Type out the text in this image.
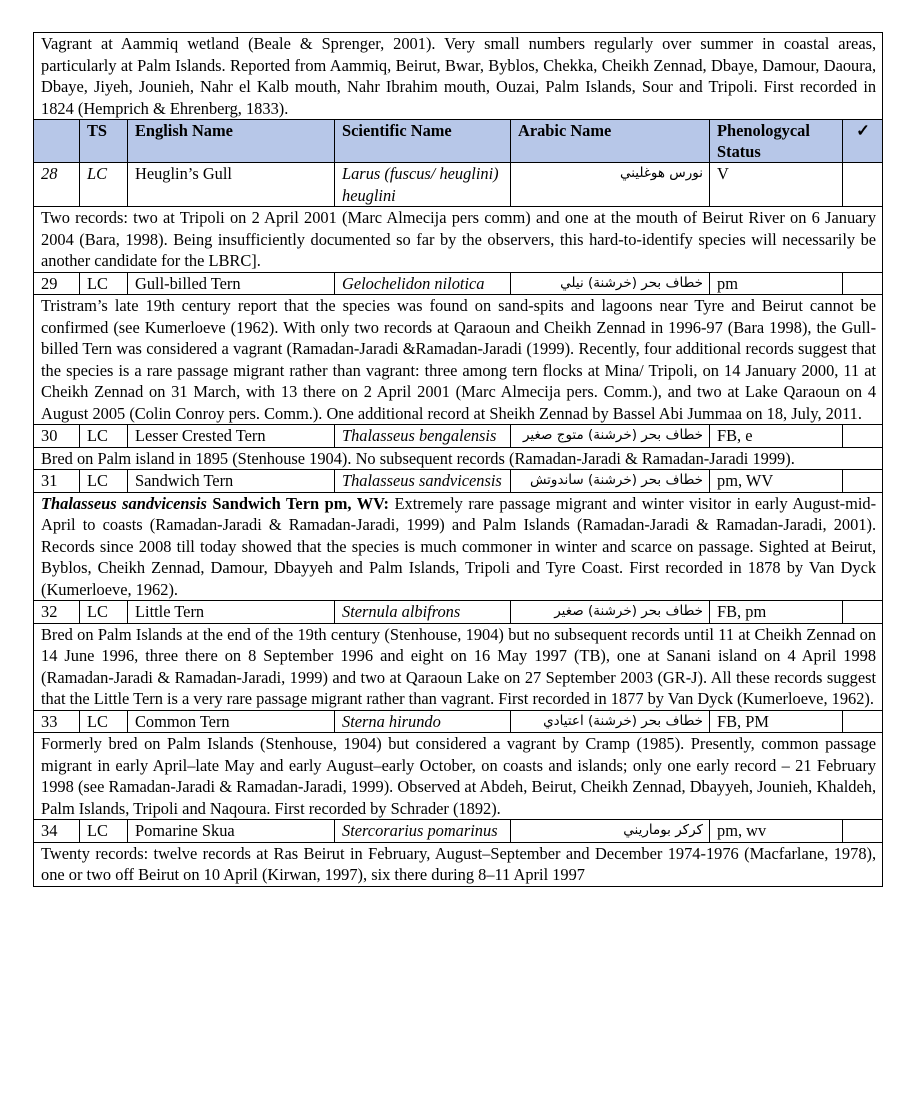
Vagrant at Aammiq wetland (Beale & Sprenger, 2001). Very small numbers regularly over summer in coastal areas, particularly at Palm Islands. Reported from Aammiq, Beirut, Bwar, Byblos, Chekka, Cheikh Zennad, Dbaye, Damour, Daoura, Dbaye, Jiyeh, Jounieh, Nahr el Kalb mouth, Nahr Ibrahim mouth, Ouzai, Palm Islands, Sour and Tripoli. First recorded in 1824 (Hemprich & Ehrenberg, 1833).						
	TS	English Name	Scientific Name	Arabic Name	Phenologycal Status	✓
28	LC	Heuglin’s Gull	Larus (fuscus/ heuglini) heuglini	نورس هوغليني	V	
Two records: two at Tripoli on 2 April 2001 (Marc Almecija pers comm) and one at the mouth of Beirut River on 6 January 2004 (Bara, 1998). Being insufficiently documented so far by the observers, this hard-to-identify species will necessarily be another candidate for the LBRC].						
29	LC	Gull-billed Tern	Gelochelidon nilotica	خطاف بحر (خرشنة) نيلي	pm	
Tristram’s late 19th century report that the species was found on sand-spits and lagoons near Tyre and Beirut cannot be confirmed (see Kumerloeve (1962). With only two records at Qaraoun and Cheikh Zennad in 1996-97 (Bara 1998), the Gull-billed Tern was considered a vagrant (Ramadan-Jaradi &Ramadan-Jaradi (1999). Recently, four additional records suggest that the species is a rare passage migrant rather than vagrant: three among tern flocks at Mina/ Tripoli, on 14 January 2000, 11 at Cheikh Zennad on 31 March, with 13 there on 2 April 2001 (Marc Almecija pers. Comm.), and two at Lake Qaraoun on 4 August 2005 (Colin Conroy pers. Comm.). One additional record at Sheikh Zennad by Bassel Abi Jummaa on 18, July, 2011.						
30	LC	Lesser Crested Tern	Thalasseus bengalensis	خطاف بحر (خرشنة) متوج صغير	FB, e	
Bred on Palm island in 1895 (Stenhouse 1904). No subsequent records (Ramadan-Jaradi & Ramadan-Jaradi 1999).						
31	LC	Sandwich Tern	Thalasseus sandvicensis	خطاف بحر (خرشنة) ساندوتش	pm, WV	
Thalasseus sandvicensis Sandwich Tern pm, WV: Extremely rare passage migrant and winter visitor in early August-mid-April to coasts (Ramadan-Jaradi & Ramadan-Jaradi, 1999) and Palm Islands (Ramadan-Jaradi & Ramadan-Jaradi, 2001). Records since 2008 till today showed that the species is much commoner in winter and scarce on passage. Sighted at Beirut, Byblos, Cheikh Zennad, Damour, Dbayyeh and Palm Islands, Tripoli and Tyre Coast. First recorded in 1878 by Van Dyck (Kumerloeve, 1962).						
32	LC	Little Tern	Sternula albifrons	خطاف بحر (خرشنة) صغير	FB, pm	
Bred on Palm Islands at the end of the 19th century (Stenhouse, 1904) but no subsequent records until 11 at Cheikh Zennad on 14 June 1996, three there on 8 September 1996 and eight on 16 May 1997 (TB), one at Sanani island on 4 April 1998 (Ramadan-Jaradi & Ramadan-Jaradi, 1999) and two at Qaraoun Lake on 27 September 2003 (GR-J). All these records suggest that the Little Tern is a very rare passage migrant rather than vagrant. First recorded in 1877 by Van Dyck (Kumerloeve, 1962).						
33	LC	Common Tern	Sterna hirundo	خطاف بحر (خرشنة) اعتيادي	FB, PM	
Formerly bred on Palm Islands (Stenhouse, 1904) but considered a vagrant by Cramp (1985). Presently, common passage migrant in early April–late May and early August–early October, on coasts and islands; only one early record – 21 February 1998 (see Ramadan-Jaradi & Ramadan-Jaradi, 1999). Observed at Abdeh, Beirut, Cheikh Zennad, Dbayyeh, Jounieh, Khaldeh, Palm Islands, Tripoli and Naqoura. First recorded by Schrader (1892).						
34	LC	Pomarine Skua	Stercorarius pomarinus	كركر بوماريني	pm, wv	
Twenty records: twelve records at Ras Beirut in February, August–September and December 1974-1976 (Macfarlane, 1978), one or two off Beirut on 10 April (Kirwan, 1997), six there during 8–11 April 1997						
